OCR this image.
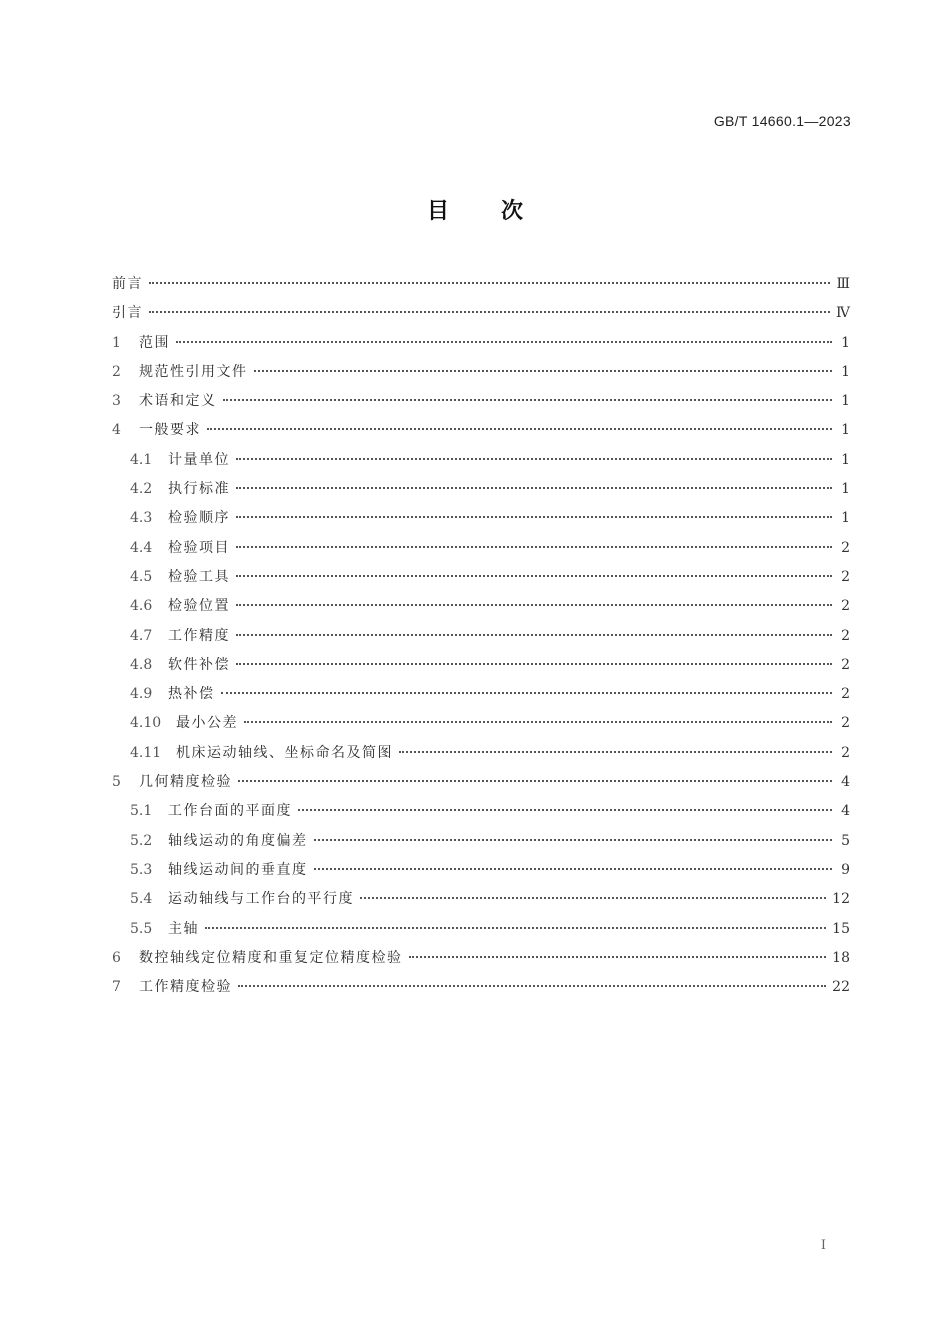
GB/T 14660.1—2023
目次
前言	Ⅲ
引言	Ⅳ
1	范围	1
2	规范性引用文件	1
3	术语和定义	1
4	一般要求	1
4.1	计量单位	1
4.2	执行标准	1
4.3	检验顺序	1
4.4	检验项目	2
4.5	检验工具	2
4.6	检验位置	2
4.7	工作精度	2
4.8	软件补偿	2
4.9	热补偿	2
4.10	最小公差	2
4.11	机床运动轴线、坐标命名及简图	2
5	几何精度检验	4
5.1	工作台面的平面度	4
5.2	轴线运动的角度偏差	5
5.3	轴线运动间的垂直度	9
5.4	运动轴线与工作台的平行度	12
5.5	主轴	15
6	数控轴线定位精度和重复定位精度检验	18
7	工作精度检验	22
I
